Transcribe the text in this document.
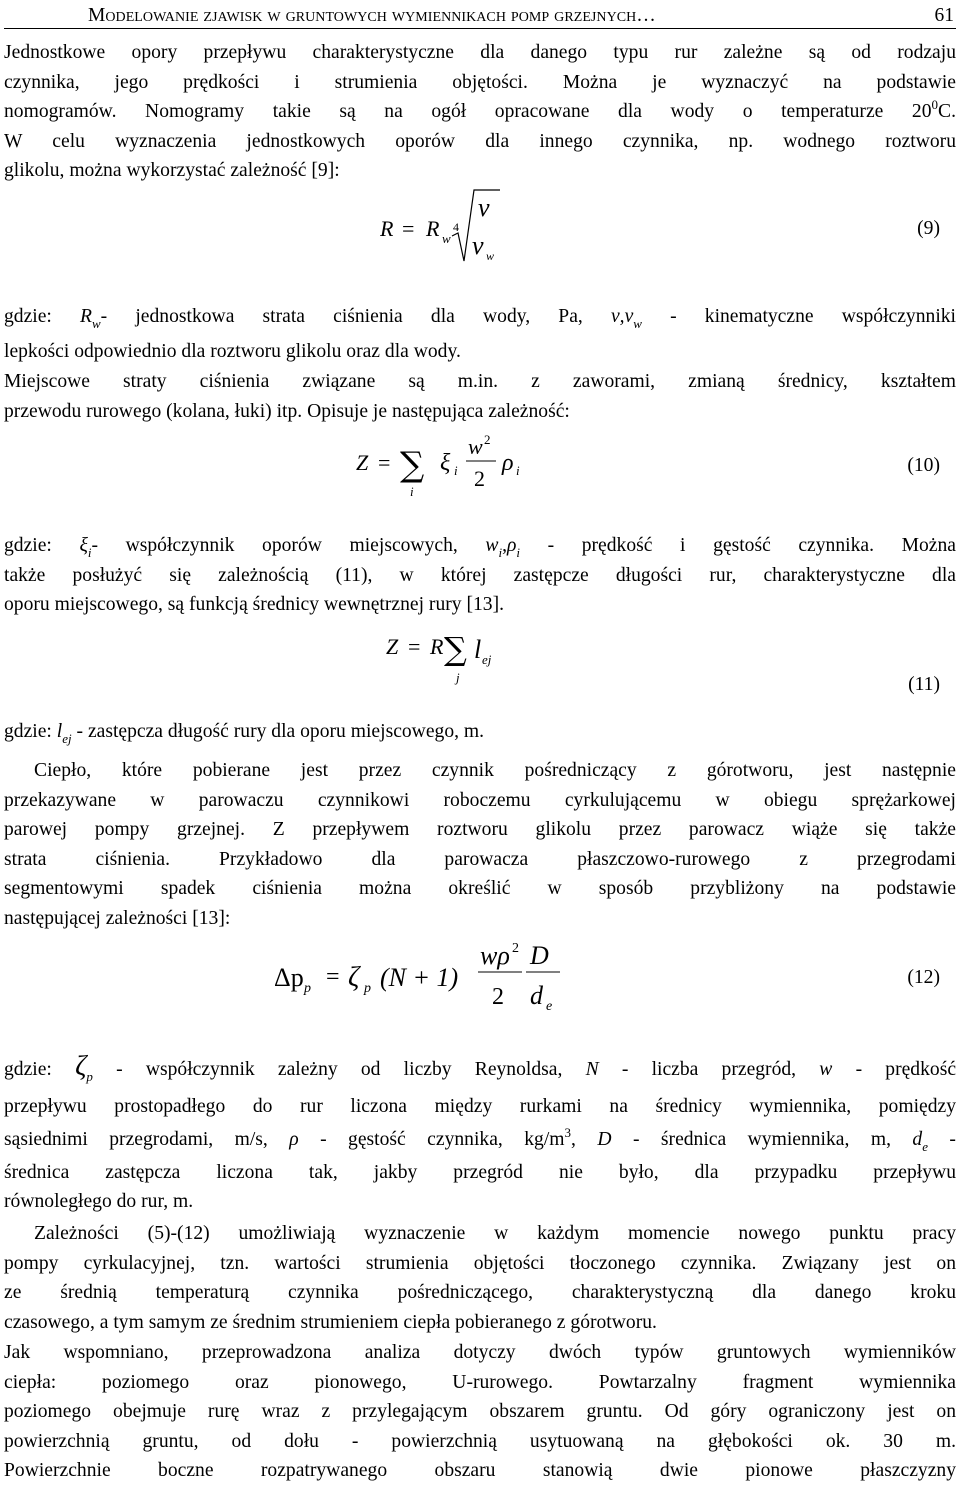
Modelowanie zjawisk w gruntowych wymiennikach pomp grzejnych…	61
Jednostkowe opory przepływu charakterystyczne dla danego typu rur zależne są od rodzaju
czynnika, jego prędkości i strumienia objętości. Można je wyznaczyć na podstawie
nomogramów. Nomogramy takie są na ogół opracowane dla wody o temperaturze $20^0C$.
W celu wyznaczenia jednostkowych oporów dla innego czynnika, np. wodnego roztworu
glikolu, można wykorzystać zależność [9]:
R = R w
4
ν
ν w
(9)
gdzie: $R_w-$ jednostkowa strata ciśnienia dla wody, Pa, $\nu,\nu_w$ - kinematyczne współczynniki
lepkości odpowiednio dla roztworu glikolu oraz dla wody.
Miejscowe straty ciśnienia związane są m.in. z zaworami, zmianą średnicy, kształtem
przewodu rurowego (kolana, łuki) itp. Opisuje je następująca zależność:
Z = ∑
i
ξ i
w 2
2
ρ i	(10)
gdzie: $\xi_i-$ współczynnik oporów miejscowych, $w_i,\rho_i$ - prędkość i gęstość czynnika. Można
także posłużyć się zależnością (11), w której zastępcze długości rur, charakterystyczne dla
oporu miejscowego, są funkcją średnicy wewnętrznej rury [13].
Z = R ∑
j
l ej
(11)
gdzie: $l_{ej}$ - zastępcza długość rury dla oporu miejscowego, m.
Ciepło, które pobierane jest przez czynnik pośredniczący z górotworu, jest następnie
przekazywane w parowaczu czynnikowi roboczemu cyrkulującemu w obiegu sprężarkowej
parowej pompy grzejnej. Z przepływem roztworu glikolu przez parowacz wiąże się także
strata ciśnienia. Przykładowo dla parowacza płaszczowo-rurowego z przegrodami
segmentowymi spadek ciśnienia można określić w sposób przybliżony na podstawie
następującej zależności [13]:
Δp p = ζ p (N + 1)
wρ 2
2
D
d e
(12)
gdzie: $\zeta_p$ - współczynnik zależny od liczby Reynoldsa, N - liczba przegród, w - prędkość
przepływu prostopadłego do rur liczona między rurkami na średnicy wymiennika, pomiędzy
sąsiednimi przegrodami, m/s, ρ - gęstość czynnika, $kg/m^3$, D - średnica wymiennika, m, $d_e$ -
średnica zastępcza liczona tak, jakby przegród nie było, dla przypadku przepływu
równoległego do rur, m.
Zależności (5)-(12) umożliwiają wyznaczenie w każdym momencie nowego punktu pracy
pompy cyrkulacyjnej, tzn. wartości strumienia objętości tłoczonego czynnika. Związany jest on
ze średnią temperaturą czynnika pośredniczącego, charakterystyczną dla danego kroku
czasowego, a tym samym ze średnim strumieniem ciepła pobieranego z górotworu.
Jak wspomniano, przeprowadzona analiza dotyczy dwóch typów gruntowych wymienników
ciepła: poziomego oraz pionowego, U-rurowego. Powtarzalny fragment wymiennika
poziomego obejmuje rurę wraz z przylegającym obszarem gruntu. Od góry ograniczony jest on
powierzchnią gruntu, od dołu - powierzchnią usytuowaną na głębokości ok. 30 m.
Powierzchnie boczne rozpatrywanego obszaru stanowią dwie pionowe płaszczyzny
